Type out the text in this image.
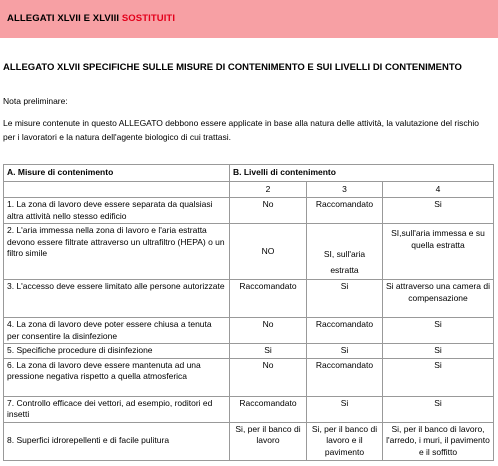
ALLEGATI XLVII E XLVIII SOSTITUITI
ALLEGATO XLVII SPECIFICHE SULLE MISURE DI CONTENIMENTO E SUI LIVELLI DI CONTENIMENTO
Nota preliminare:
Le misure contenute in questo ALLEGATO debbono essere applicate in base alla natura delle attività, la valutazione del rischio per i lavoratori e la natura dell'agente biologico di cui trattasi.
A. Misure di contenimento	B. Livelli di contenimento		
	2	3	4
1. La zona di lavoro deve essere separata da qualsiasi altra attività nello stesso edificio	No	Raccomandato	Si
2. L'aria immessa nella zona di lavoro e l'aria estratta devono essere filtrate attraverso un ultrafiltro (HEPA) o un filtro simile	NO	SI, sull'aria estratta	SI,sull'aria immessa e su quella estratta
3. L'accesso deve essere limitato alle persone autorizzate	Raccomandato	Si	Si attraverso una camera di compensazione
4. La zona di lavoro deve poter essere chiusa a tenuta per consentire la disinfezione	No	Raccomandato	Si
5. Specifiche procedure di disinfezione	Si	Si	Si
6. La zona di lavoro deve essere mantenuta ad una pressione negativa rispetto a quella atmosferica	No	Raccomandato	Si
7. Controllo efficace dei vettori, ad esempio, roditori ed insetti	Raccomandato	Si	Si
8. Superfici idrorepellenti e di facile pulitura	Si, per il banco di lavoro	Si, per il banco di lavoro e il pavimento	Si, per il banco di lavoro, l'arredo, i muri, il pavimento e il soffitto
